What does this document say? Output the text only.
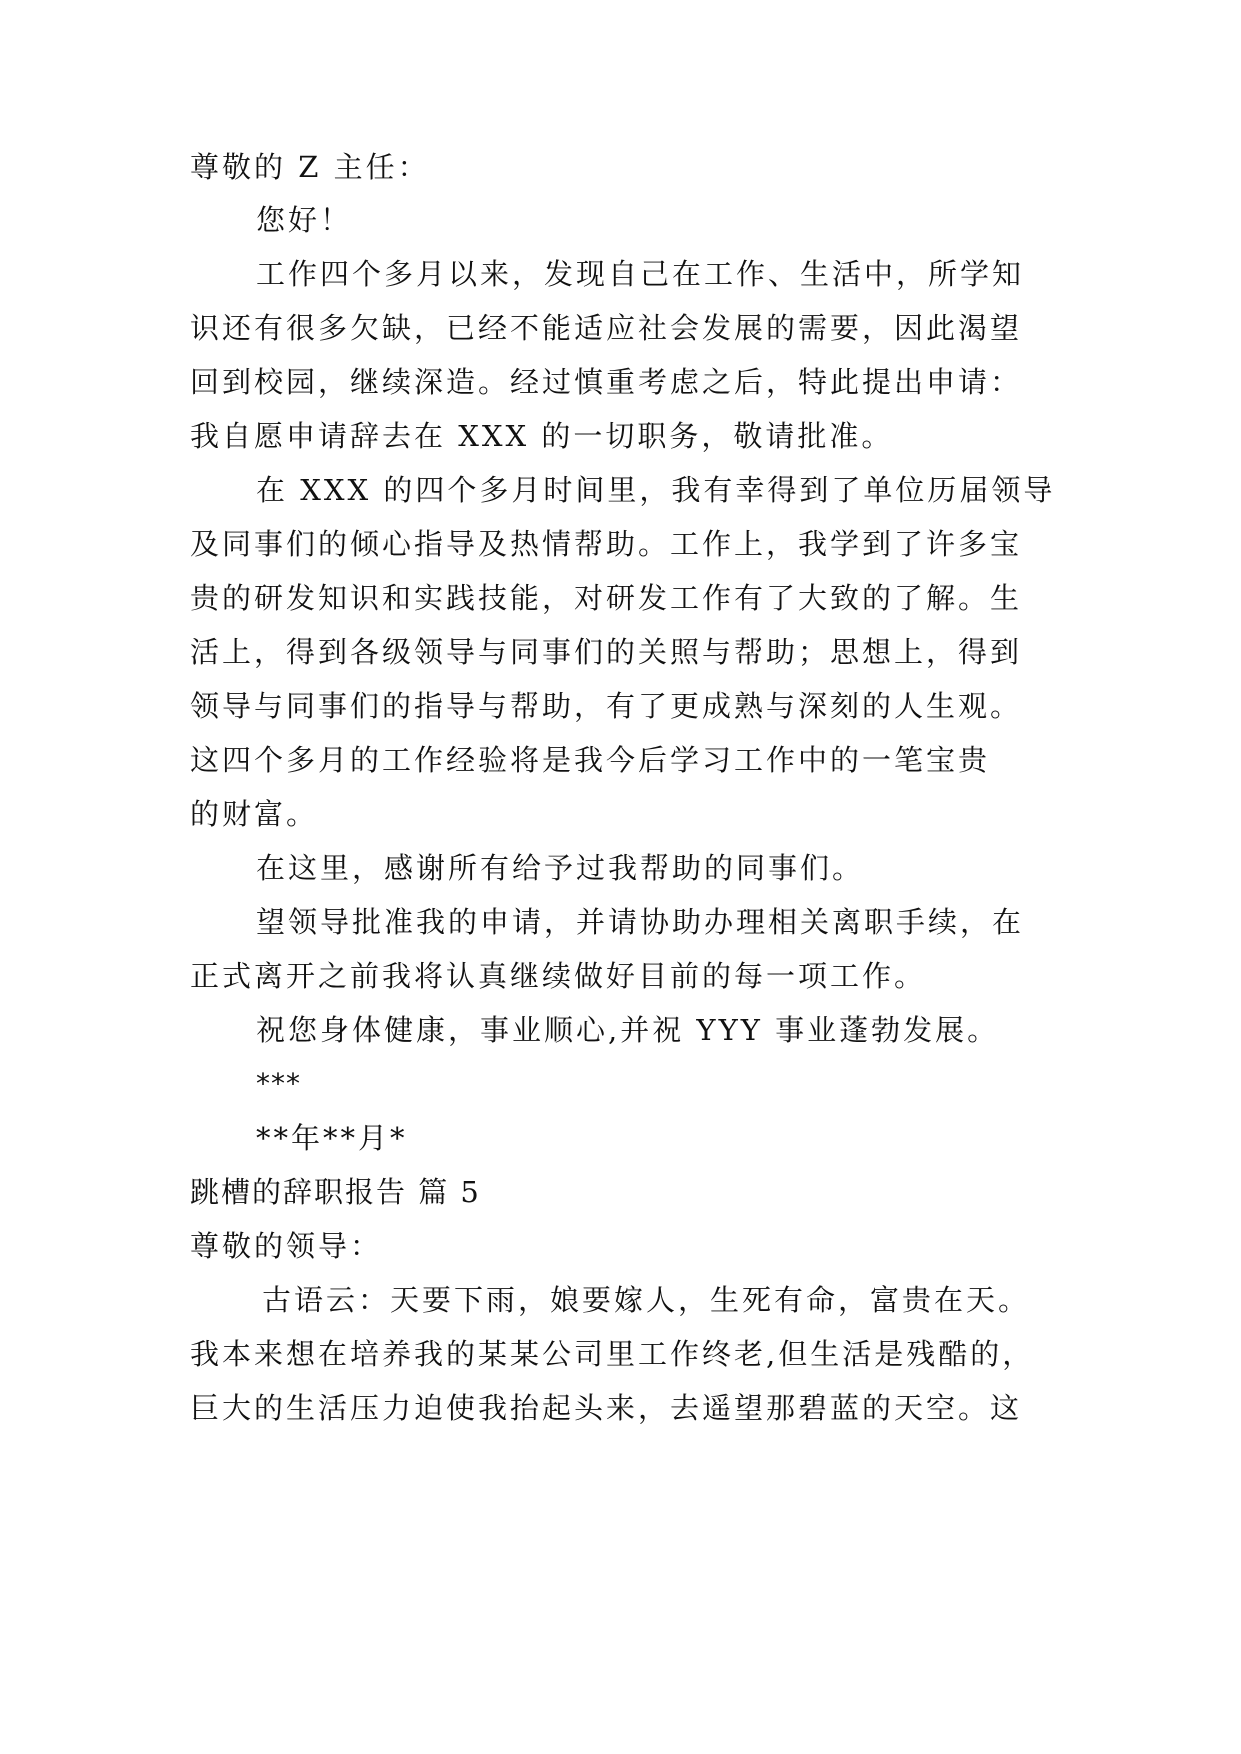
尊敬的 Z 主任：
您好！
工作四个多月以来，发现自己在工作、生活中，所学知
识还有很多欠缺，已经不能适应社会发展的需要，因此渴望
回到校园，继续深造。经过慎重考虑之后，特此提出申请：
我自愿申请辞去在 XXX 的一切职务，敬请批准。
在 XXX 的四个多月时间里，我有幸得到了单位历届领导
及同事们的倾心指导及热情帮助。工作上，我学到了许多宝
贵的研发知识和实践技能，对研发工作有了大致的了解。生
活上，得到各级领导与同事们的关照与帮助；思想上，得到
领导与同事们的指导与帮助，有了更成熟与深刻的人生观。
这四个多月的工作经验将是我今后学习工作中的一笔宝贵
的财富。
在这里，感谢所有给予过我帮助的同事们。
望领导批准我的申请，并请协助办理相关离职手续，在
正式离开之前我将认真继续做好目前的每一项工作。
祝您身体健康，事业顺心,并祝 YYY 事业蓬勃发展。
***
**年**月*
跳槽的辞职报告 篇 5
尊敬的领导：
古语云：天要下雨，娘要嫁人，生死有命，富贵在天。
我本来想在培养我的某某公司里工作终老,但生活是残酷的，
巨大的生活压力迫使我抬起头来，去遥望那碧蓝的天空。这
